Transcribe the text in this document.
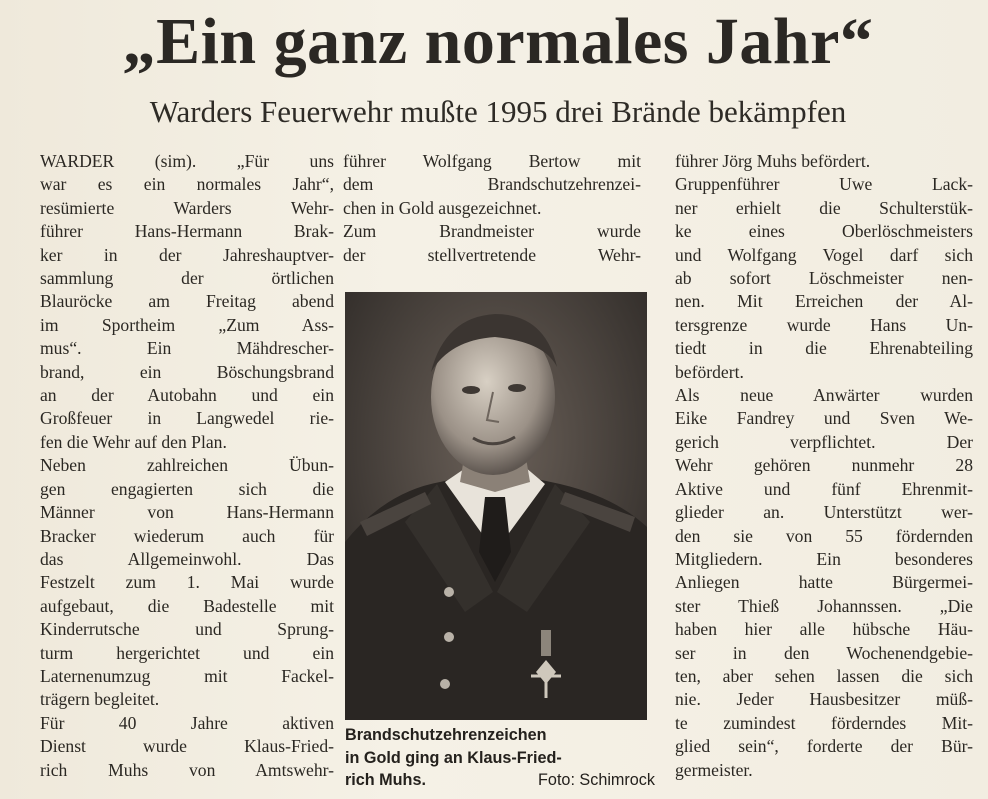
„Ein ganz normales Jahr“
Warders Feuerwehr mußte 1995 drei Brände bekämpfen
WARDER (sim). „Für uns
war es ein normales Jahr“,
resümierte Warders Wehr-
führer Hans-Hermann Brak-
ker in der Jahreshauptver-
sammlung der örtlichen
Blauröcke am Freitag abend
im Sportheim „Zum Ass-
mus“. Ein Mähdrescher-
brand, ein Böschungsbrand
an der Autobahn und ein
Großfeuer in Langwedel rie-
fen die Wehr auf den Plan.
Neben zahlreichen Übun-
gen engagierten sich die
Männer von Hans-Hermann
Bracker wiederum auch für
das Allgemeinwohl. Das
Festzelt zum 1. Mai wurde
aufgebaut, die Badestelle mit
Kinderrutsche und Sprung-
turm hergerichtet und ein
Laternenumzug mit Fackel-
trägern begleitet.
Für 40 Jahre aktiven
Dienst wurde Klaus-Fried-
rich Muhs von Amtswehr-
führer Wolfgang Bertow mit
dem Brandschutzehrenzei-
chen in Gold ausgezeichnet.
Zum Brandmeister wurde
der stellvertretende Wehr-
führer Jörg Muhs befördert.
Gruppenführer Uwe Lack-
ner erhielt die Schulterstük-
ke eines Oberlöschmeisters
und Wolfgang Vogel darf sich
ab sofort Löschmeister nen-
nen. Mit Erreichen der Al-
tersgrenze wurde Hans Un-
tiedt in die Ehrenabteiling
befördert.
Als neue Anwärter wurden
Eike Fandrey und Sven We-
gerich verpflichtet. Der
Wehr gehören nunmehr 28
Aktive und fünf Ehrenmit-
glieder an. Unterstützt wer-
den sie von 55 fördernden
Mitgliedern. Ein besonderes
Anliegen hatte Bürgermei-
ster Thieß Johannssen. „Die
haben hier alle hübsche Häu-
ser in den Wochenendgebie-
ten, aber sehen lassen die sich
nie. Jeder Hausbesitzer müß-
te zumindest förderndes Mit-
glied sein“, forderte der Bür-
germeister.
Brandschutzehrenzeichen
in Gold ging an Klaus-Fried-
rich Muhs.	Foto: Schimrock
